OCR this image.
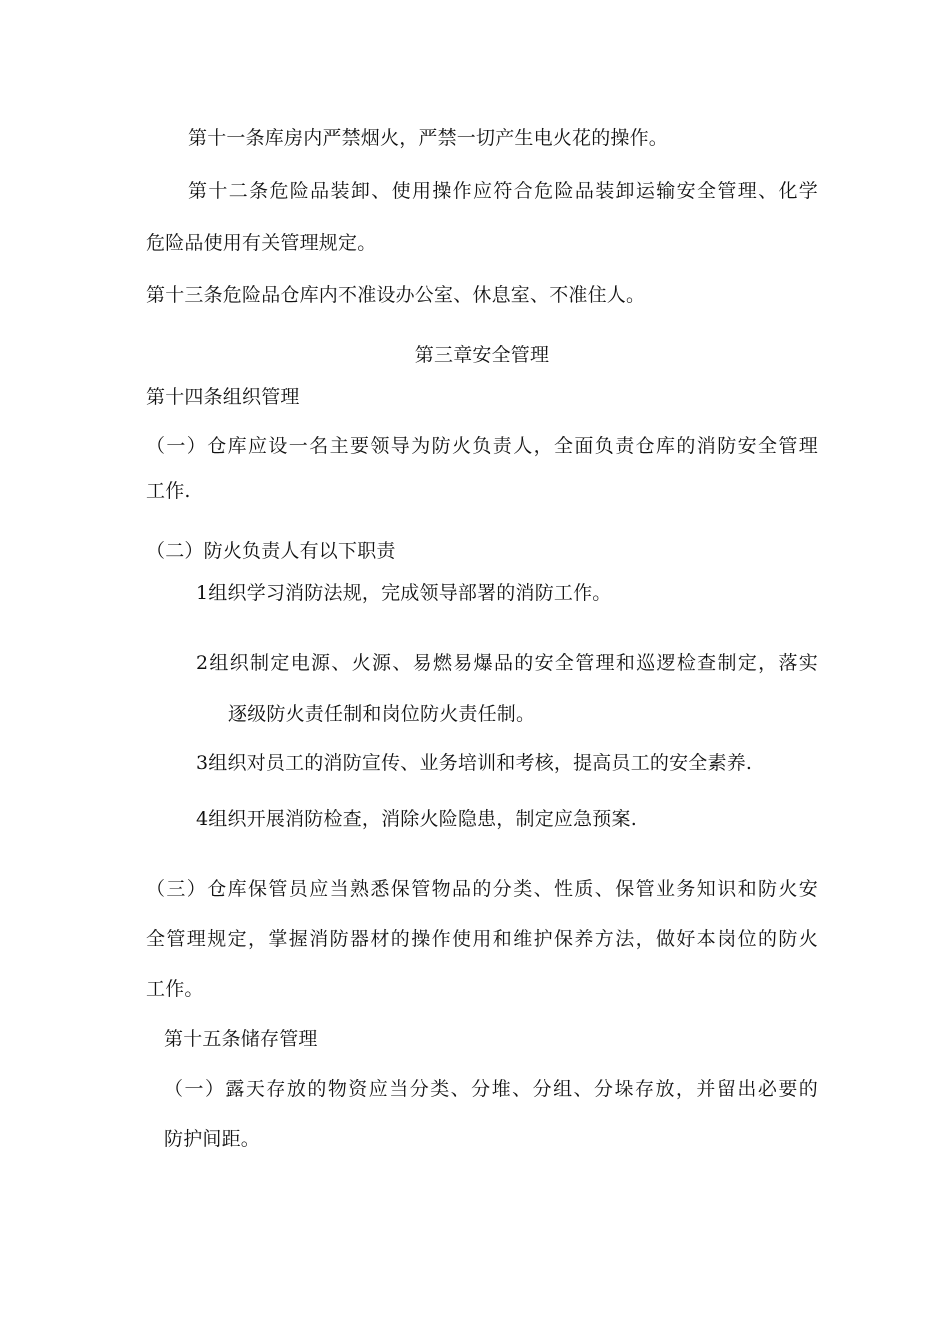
第十一条库房内严禁烟火，严禁一切产生电火花的操作。

第十二条危险品装卸、使用操作应符合危险品装卸运输安全管理、化学

危险品使用有关管理规定。

第十三条危险品仓库内不准设办公室、休息室、不准住人。

第三章安全管理

第十四条组织管理

（一）仓库应设一名主要领导为防火负责人，全面负责仓库的消防安全管理

工作.

（二）防火负责人有以下职责

1组织学习消防法规，完成领导部署的消防工作。

2组织制定电源、火源、易燃易爆品的安全管理和巡逻检查制定，落实

逐级防火责任制和岗位防火责任制。

3组织对员工的消防宣传、业务培训和考核，提高员工的安全素养.

4组织开展消防检查，消除火险隐患，制定应急预案.

（三）仓库保管员应当熟悉保管物品的分类、性质、保管业务知识和防火安

全管理规定，掌握消防器材的操作使用和维护保养方法，做好本岗位的防火

工作。

第十五条储存管理

（一）露天存放的物资应当分类、分堆、分组、分垛存放，并留出必要的

防护间距。
